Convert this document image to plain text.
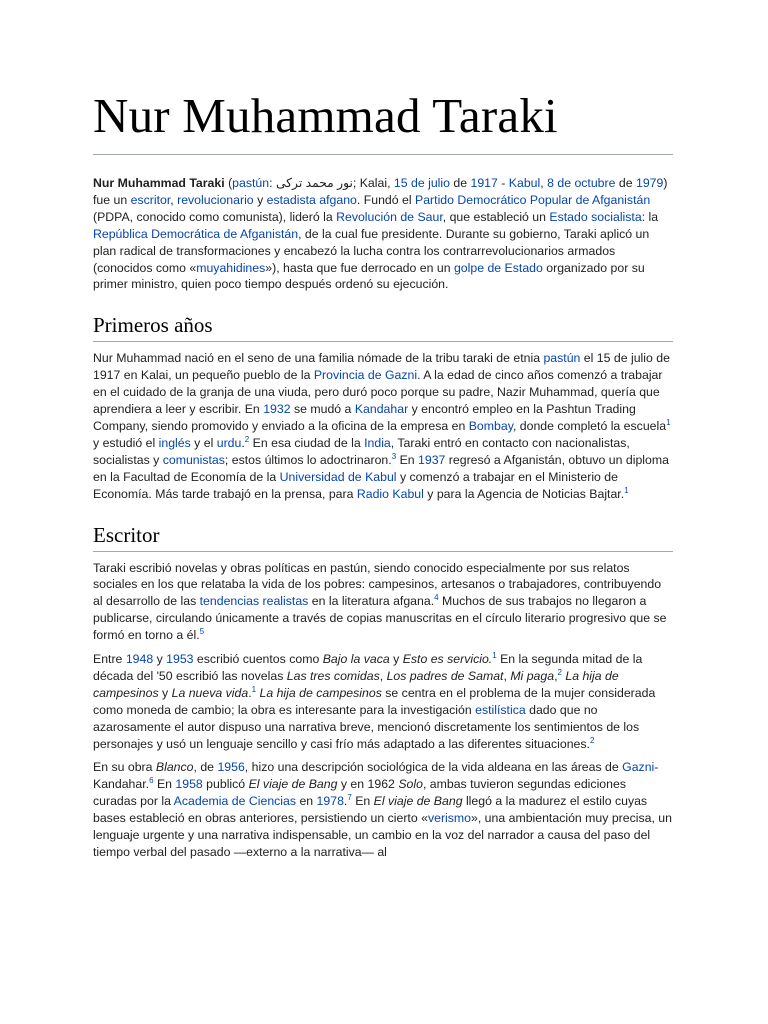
Nur Muhammad Taraki

Nur Muhammad Taraki (pastún: نور محمد ترکی; Kalai, 15 de julio de 1917 - Kabul, 8 de octubre de 1979) fue un escritor, revolucionario y estadista afgano. Fundó el Partido Democrático Popular de Afganistán (PDPA, conocido como comunista), lideró la Revolución de Saur, que estableció un Estado socialista: la República Democrática de Afganistán, de la cual fue presidente. Durante su gobierno, Taraki aplicó un plan radical de transformaciones y encabezó la lucha contra los contrarrevolucionarios armados (conocidos como «muyahidines»), hasta que fue derrocado en un golpe de Estado organizado por su primer ministro, quien poco tiempo después ordenó su ejecución.

Primeros años

Nur Muhammad nació en el seno de una familia nómade de la tribu taraki de etnia pastún el 15 de julio de 1917 en Kalai, un pequeño pueblo de la Provincia de Gazni. A la edad de cinco años comenzó a trabajar en el cuidado de la granja de una viuda, pero duró poco porque su padre, Nazir Muhammad, quería que aprendiera a leer y escribir. En 1932 se mudó a Kandahar y encontró empleo en la Pashtun Trading Company, siendo promovido y enviado a la oficina de la empresa en Bombay, donde completó la escuela$^1$ y estudió el inglés y el urdu.$^2$ En esa ciudad de la India, Taraki entró en contacto con nacionalistas, socialistas y comunistas; estos últimos lo adoctrinaron.$^3$ En 1937 regresó a Afganistán, obtuvo un diploma en la Facultad de Economía de la Universidad de Kabul y comenzó a trabajar en el Ministerio de Economía. Más tarde trabajó en la prensa, para Radio Kabul y para la Agencia de Noticias Bajtar.$^1$

Escritor

Taraki escribió novelas y obras políticas en pastún, siendo conocido especialmente por sus relatos sociales en los que relataba la vida de los pobres: campesinos, artesanos o trabajadores, contribuyendo al desarrollo de las tendencias realistas en la literatura afgana.$^4$ Muchos de sus trabajos no llegaron a publicarse, circulando únicamente a través de copias manuscritas en el círculo literario progresivo que se formó en torno a él.$^5$

Entre 1948 y 1953 escribió cuentos como Bajo la vaca y Esto es servicio.$^1$ En la segunda mitad de la década del '50 escribió las novelas Las tres comidas, Los padres de Samat, Mi paga,$^2$ La hija de campesinos y La nueva vida.$^1$ La hija de campesinos se centra en el problema de la mujer considerada como moneda de cambio; la obra es interesante para la investigación estilística dado que no azarosamente el autor dispuso una narrativa breve, mencionó discretamente los sentimientos de los personajes y usó un lenguaje sencillo y casi frío más adaptado a las diferentes situaciones.$^2$

En su obra Blanco, de 1956, hizo una descripción sociológica de la vida aldeana en las áreas de Gazni-Kandahar.$^6$ En 1958 publicó El viaje de Bang y en 1962 Solo, ambas tuvieron segundas ediciones curadas por la Academia de Ciencias en 1978.$^7$ En El viaje de Bang llegó a la madurez el estilo cuyas bases estableció en obras anteriores, persistiendo un cierto «verismo», una ambientación muy precisa, un lenguaje urgente y una narrativa indispensable, un cambio en la voz del narrador a causa del paso del tiempo verbal del pasado —externo a la narrativa— al
